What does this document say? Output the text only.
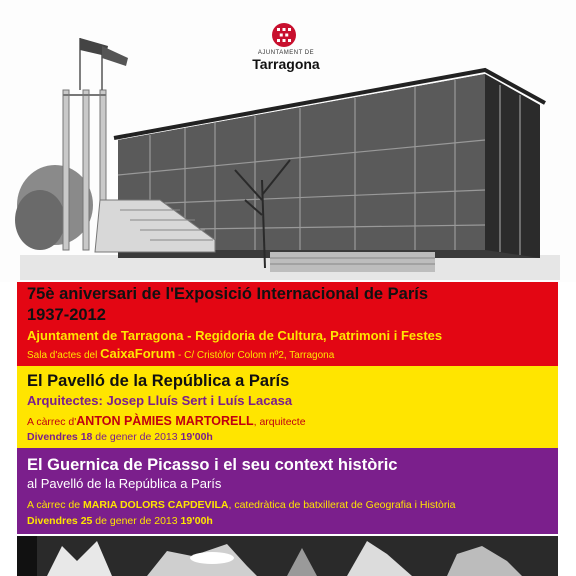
AJUNTAMENT DE
Tarragona

75è aniversari de l'Exposició Internacional de París

1937-2012

Ajuntament de Tarragona - Regidoria de Cultura, Patrimoni i Festes

Sala d'actes del CaixaForum - C/ Cristòfor Colom nº2, Tarragona

El Pavelló de la República a París

Arquitectes: Josep Lluís Sert i Luís Lacasa

A càrrec d'ANTON PÀMIES MARTORELL, arquitecte

Divendres 18 de gener de 2013 19'00h

El Guernica de Picasso i el seu context històric

al Pavelló de la República a París

A càrrec de MARIA DOLORS CAPDEVILA, catedràtica de batxillerat de Geografia i Història

Divendres 25 de gener de 2013 19'00h
